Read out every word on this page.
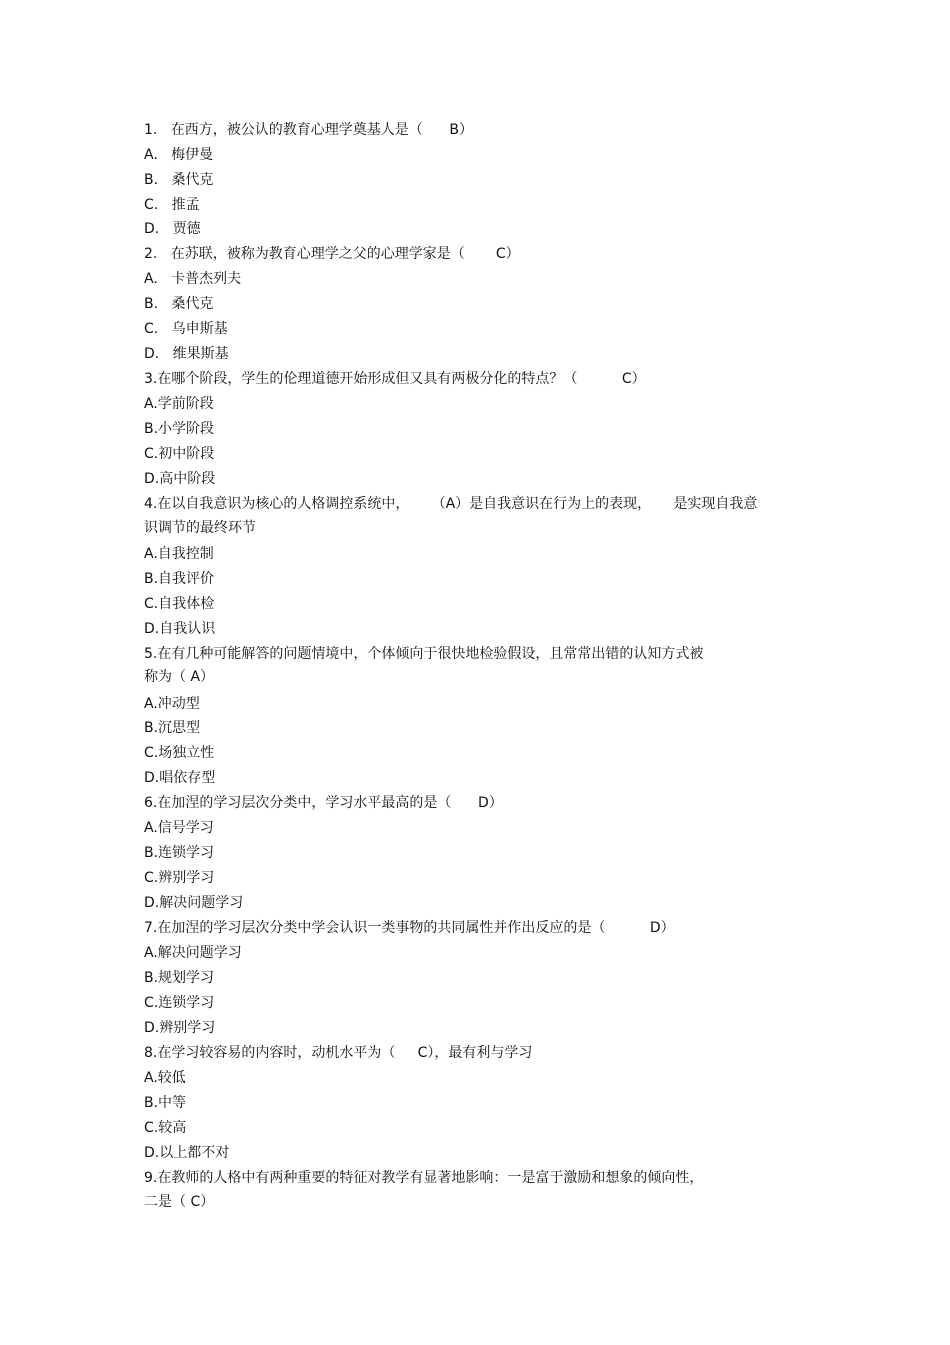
1.   在西方，被公认的教育心理学奠基人是（      B）
A.   梅伊曼
B.   桑代克
C.   推孟
D.   贾德
2.   在苏联，被称为教育心理学之父的心理学家是（       C）
A.   卡普杰列夫
B.   桑代克
C.   乌申斯基
D.   维果斯基
3.在哪个阶段，学生的伦理道德开始形成但又具有两极分化的特点？（          C）
A.学前阶段
B.小学阶段
C.初中阶段
D.高中阶段
4.在以自我意识为核心的人格调控系统中，     （A）是自我意识在行为上的表现，     是实现自我意
识调节的最终环节
A.自我控制
B.自我评价
C.自我体检
D.自我认识
5.在有几种可能解答的问题情境中，个体倾向于很快地检验假设，且常常出错的认知方式被
称为（ A）
A.冲动型
B.沉思型
C.场独立性
D.唱依存型
6.在加涅的学习层次分类中，学习水平最高的是（      D）
A.信号学习
B.连锁学习
C.辨别学习
D.解决问题学习
7.在加涅的学习层次分类中学会认识一类事物的共同属性并作出反应的是（          D）
A.解决问题学习
B.规划学习
C.连锁学习
D.辨别学习
8.在学习较容易的内容时，动机水平为（     C），最有利与学习
A.较低
B.中等
C.较高
D.以上都不对
9.在教师的人格中有两种重要的特征对教学有显著地影响：一是富于激励和想象的倾向性，
二是（ C）
